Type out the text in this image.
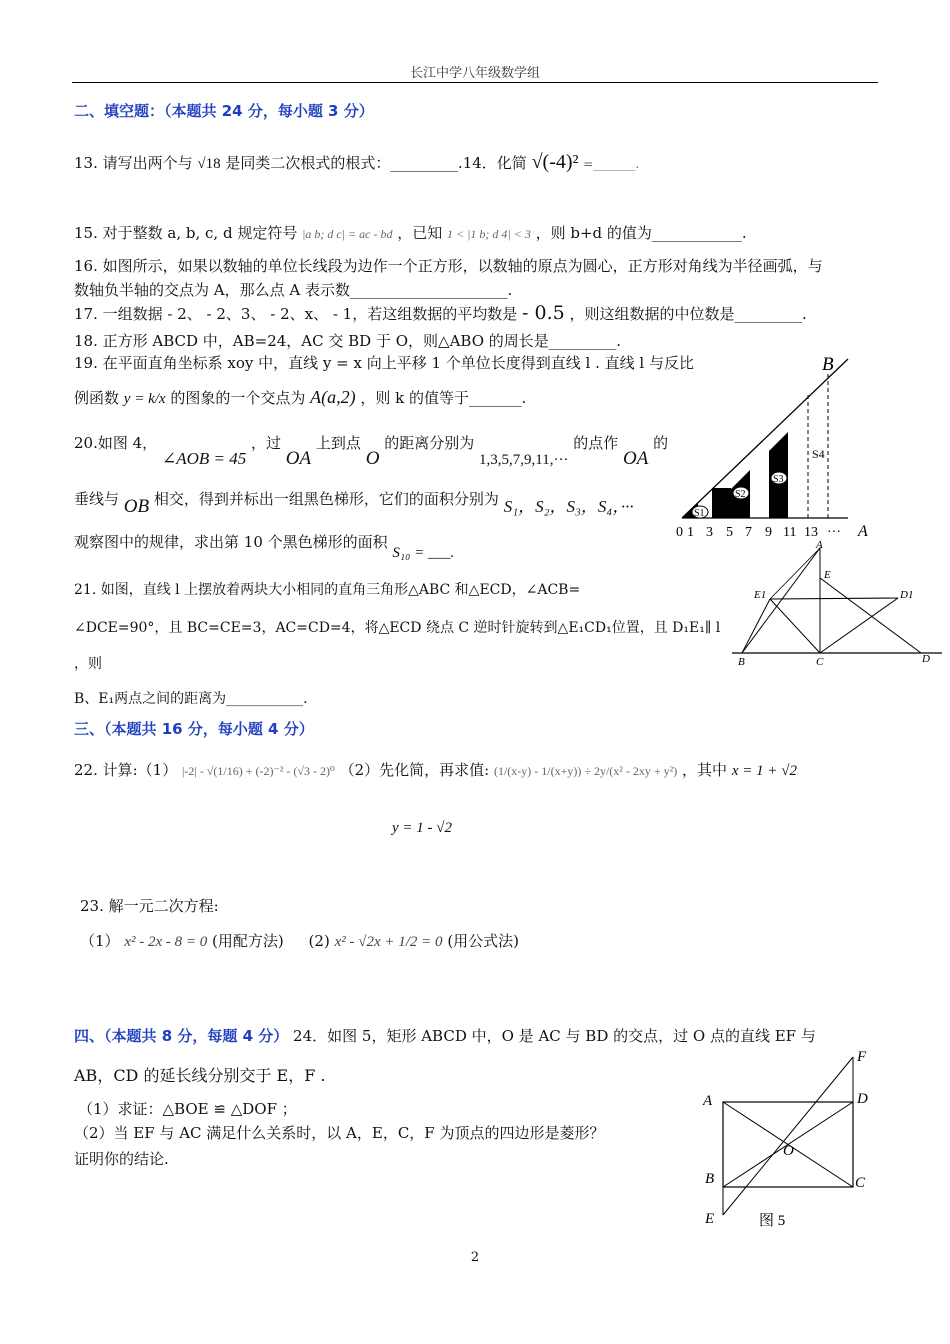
长江中学八年级数学组
二、填空题：（本题共 24 分，每小题 3 分）
13. 请写出两个与 √18 是同类二次根式的根式：_________.14．化简 √(-4)² =_______.
15. 对于整数 a, b, c, d 规定符号 |a b; d c| = ac - bd ，已知 1 < |1 b; d 4| < 3 ，则 b+d 的值为____________.
16. 如图所示，如果以数轴的单位长线段为边作一个正方形，以数轴的原点为圆心，正方形对角线为半径画弧，与
数轴负半轴的交点为 A，那么点 A 表示数_____________________.
17. 一组数据 - 2、 - 2、3、 - 2、x、 - 1，若这组数据的平均数是 - 0.5 ，则这组数据的中位数是_________.
18. 正方形 ABCD 中，AB=24，AC 交 BD 于 O，则△ABO 的周长是_________.
19. 在平面直角坐标系 xoy 中，直线 y = x 向上平移 1 个单位长度得到直线 l . 直线 l 与反比
例函数 y = k/x 的图象的一个交点为 A(a,2) ，则 k 的值等于_______.
20.如图 4， ∠AOB = 45 ，过 OA 上到点 O 的距离分别为 1,3,5,7,9,11,··· 的点作 OA 的
垂线与 OB 相交，得到并标出一组黑色梯形，它们的面积分别为 S₁，S₂，S₃，S₄，···
观察图中的规律，求出第 10 个黑色梯形的面积 S₁₀ = ___.
S1
S2
S3
S4
B
0 1 3 5 7 9 11 13 ··· A
21. 如图，直线 l 上摆放着两块大小相同的直角三角形△ABC 和△ECD，∠ACB=
∠DCE=90°，且 BC=CE=3，AC=CD=4，将△ECD 绕点 C 逆时针旋转到△E₁CD₁位置，且 D₁E₁∥ l
，则
B、E₁两点之间的距离为___________.
A
E
E1	D1
B	C	D
三、（本题共 16 分，每小题 4 分）
22. 计算:（1） |-2| - √(1/16) + (-2)⁻² - (√3 - 2)⁰ （2）先化简，再求值: (1/(x-y) - 1/(x+y)) ÷ 2y/(x² - 2xy + y²) ，其中 x = 1 + √2
y = 1 - √2
23. 解一元二次方程:
（1） x² - 2x - 8 = 0 (用配方法) (2) x² - √2x + 1/2 = 0 (用公式法)
四、（本题共 8 分，每题 4 分） 24．如图 5，矩形 ABCD 中，O 是 AC 与 BD 的交点，过 O 点的直线 EF 与
AB，CD 的延长线分别交于 E，F .
（1）求证：△BOE ≌ △DOF ；
（2）当 EF 与 AC 满足什么关系时，以 A，E，C，F 为顶点的四边形是菱形？
证明你的结论.
F
A	D
O
B	C
E	图 5
2
